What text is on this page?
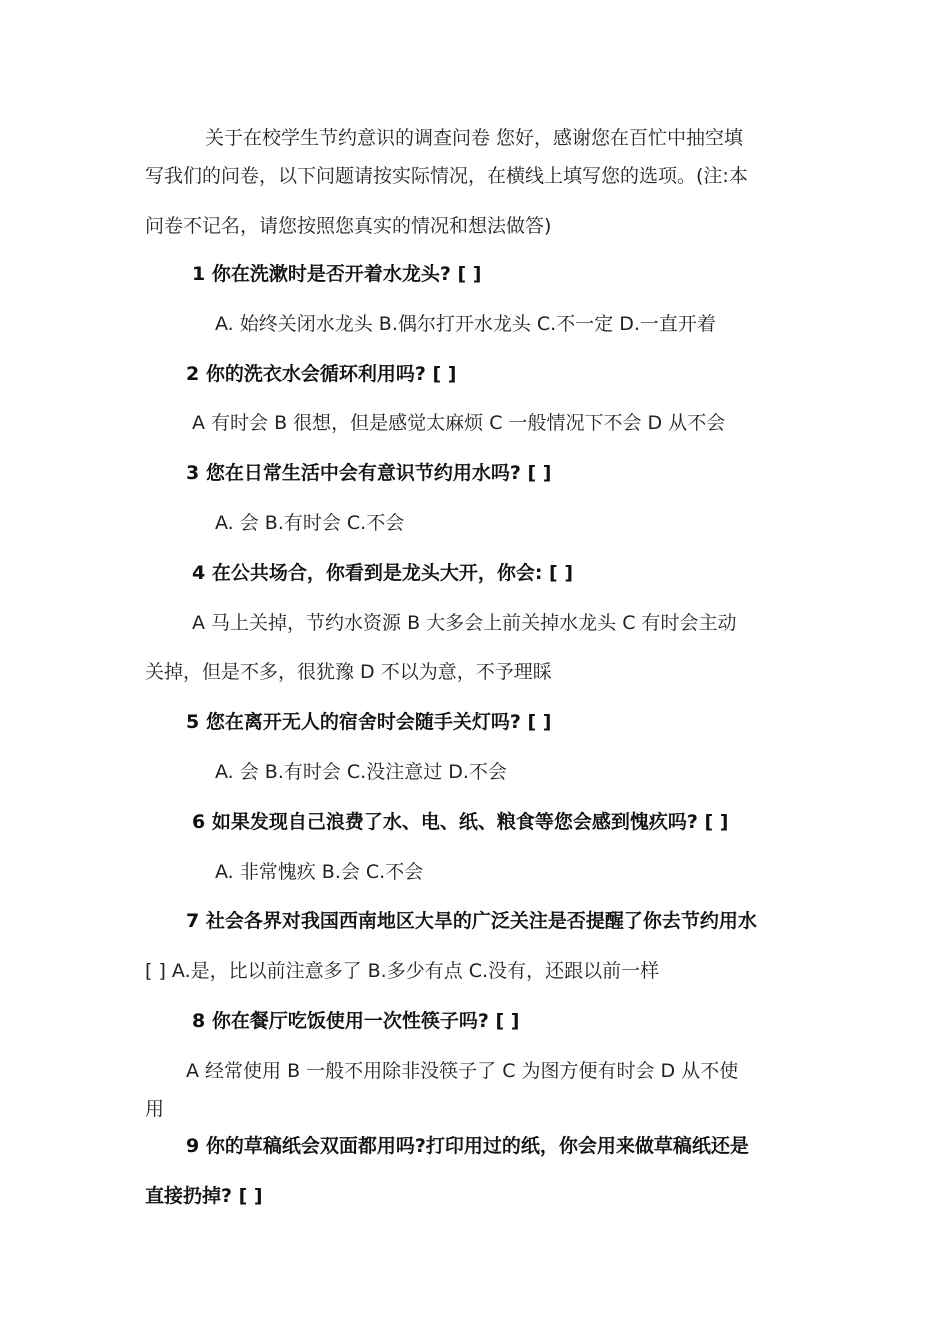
关于在校学生节约意识的调查问卷 您好，感谢您在百忙中抽空填
写我们的问卷，以下问题请按实际情况，在横线上填写您的选项。(注:本
问卷不记名，请您按照您真实的情况和想法做答)
1 你在洗漱时是否开着水龙头? [ ]
A. 始终关闭水龙头 B.偶尔打开水龙头 C.不一定 D.一直开着
2 你的洗衣水会循环利用吗? [ ]
A 有时会 B 很想，但是感觉太麻烦 C 一般情况下不会 D 从不会
3 您在日常生活中会有意识节约用水吗? [ ]
A. 会 B.有时会 C.不会
4 在公共场合，你看到是龙头大开，你会: [ ]
A 马上关掉，节约水资源 B 大多会上前关掉水龙头 C 有时会主动
关掉，但是不多，很犹豫 D 不以为意，不予理睬
5 您在离开无人的宿舍时会随手关灯吗? [ ]
A. 会 B.有时会 C.没注意过 D.不会
6 如果发现自己浪费了水、电、纸、粮食等您会感到愧疚吗? [ ]
A. 非常愧疚 B.会 C.不会
7 社会各界对我国西南地区大旱的广泛关注是否提醒了你去节约用水
[ ] A.是，比以前注意多了 B.多少有点 C.没有，还跟以前一样
8 你在餐厅吃饭使用一次性筷子吗? [ ]
A 经常使用 B 一般不用除非没筷子了 C 为图方便有时会 D 从不使
用
9 你的草稿纸会双面都用吗?打印用过的纸，你会用来做草稿纸还是
直接扔掉? [ ]
